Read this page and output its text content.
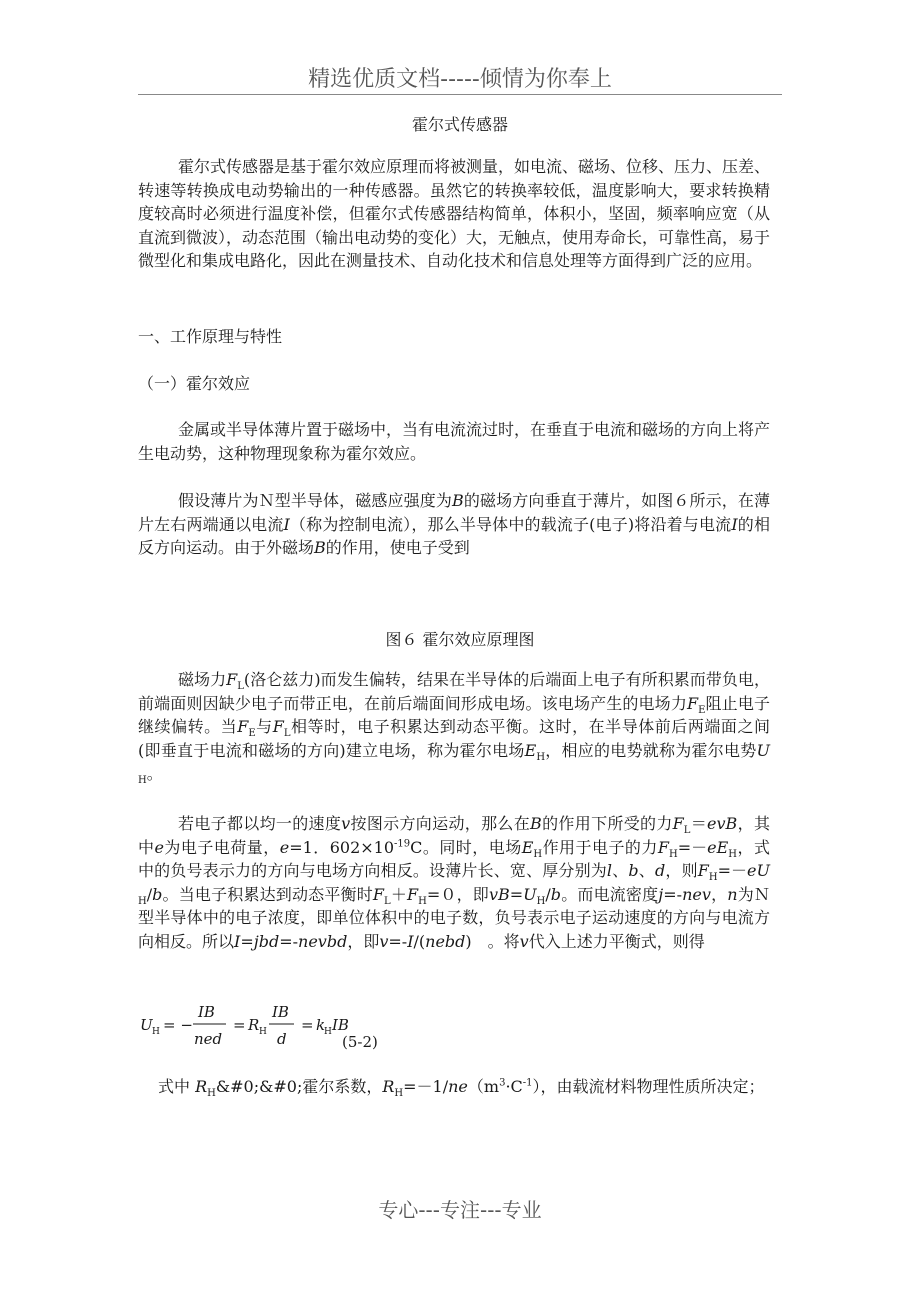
精选优质文档-----倾情为你奉上
霍尔式传感器

霍尔式传感器是基于霍尔效应原理而将被测量，如电流、磁场、位移、压力、压差、转速等转换成电动势输出的一种传感器。虽然它的转换率较低，温度影响大，要求转换精度较高时必须进行温度补偿，但霍尔式传感器结构简单，体积小，坚固，频率响应宽（从直流到微波），动态范围（输出电动势的变化）大，无触点，使用寿命长，可靠性高，易于微型化和集成电路化，因此在测量技术、自动化技术和信息处理等方面得到广泛的应用。

一、工作原理与特性

（一）霍尔效应

金属或半导体薄片置于磁场中，当有电流流过时，在垂直于电流和磁场的方向上将产生电动势，这种物理现象称为霍尔效应。

假设薄片为Ｎ型半导体，磁感应强度为B的磁场方向垂直于薄片，如图６所示，在薄片左右两端通以电流I（称为控制电流），那么半导体中的载流子(电子)将沿着与电流I的相反方向运动。由于外磁场B的作用，使电子受到

图６ 霍尔效应原理图

磁场力$F_L$(洛仑兹力)而发生偏转，结果在半导体的后端面上电子有所积累而带负电，前端面则因缺少电子而带正电，在前后端面间形成电场。该电场产生的电场力$F_E$阻止电子继续偏转。当$F_E$与$F_L$相等时，电子积累达到动态平衡。这时，在半导体前后两端面之间(即垂直于电流和磁场的方向)建立电场，称为霍尔电场$E_H$，相应的电势就称为霍尔电势$U_H$。

若电子都以均一的速度v按图示方向运动，那么在B的作用下所受的力$F_L=evB$，其中e为电子电荷量，e=1．$602\times 10^{-19}C$。同时，电场$E_H$作用于电子的力$F_H=-eE_H$，式中的负号表示力的方向与电场方向相反。设薄片长、宽、厚分别为l、b、d，则$F_H=-eU_H/b$。当电子积累达到动态平衡时$F_L+F_H=0$，即$vB=U_H/b$。而电流密度j=-nev，n为Ｎ型半导体中的电子浓度，即单位体积中的电子数，负号表示电子运动速度的方向与电流方向相反。所以I=jbd=-nevbd，即v=-I/(nebd)　。将v代入上述力平衡式，则得

U H = −
IB
ned
= R H
IB
d
= k
H IB
(5-2)

式中 $R_H\&\#0;\&\#0$;霍尔系数，$R_H=-1/ne(m^3\cdot C^{-1})$，由载流材料物理性质所决定；

专心---专注---专业
